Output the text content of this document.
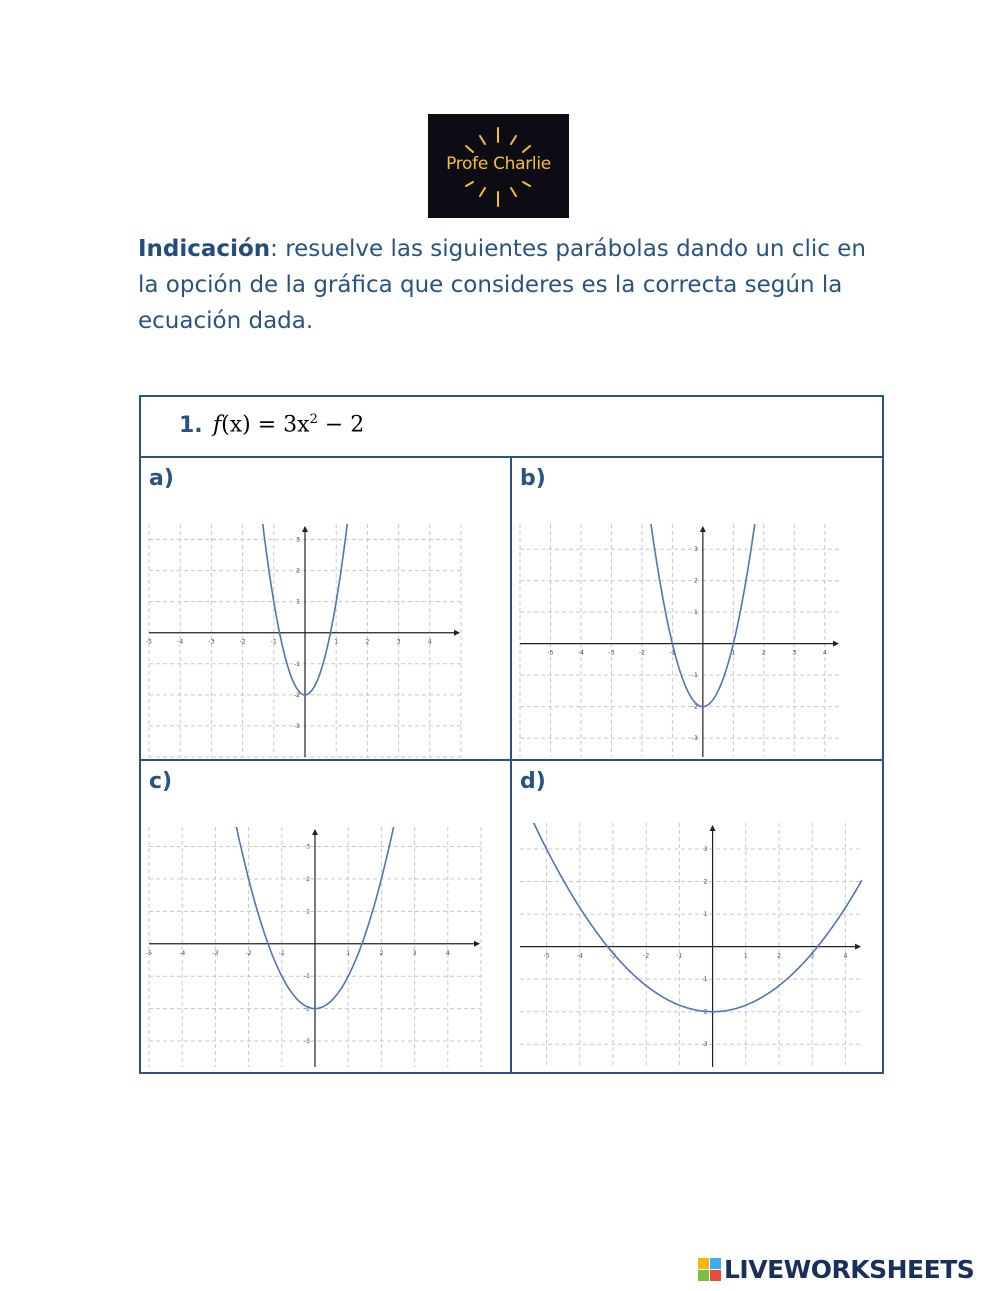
Profe Charlie
Indicación: resuelve las siguientes parábolas dando un clic en la opción de la gráfica que consideres es la correcta según la ecuación dada.
1. $f(x) = 3x^2 - 2$
a)
-5	-4	-3	-2	-1	1	2	3	4
3
2
1
-1
-2
-3
b)
-5	-4	-3	-2	-1	1	2	3	4
3
2
1
-1
-2
-3
c)
-5	-4	-3	-2	-1	1	2	3	4
3
2
1
-1
-2
-3
d)
-5	-4	-3	-2	-1	1	2	3	4
3
2
1
-1
-2
-3
LIVEWORKSHEETS
